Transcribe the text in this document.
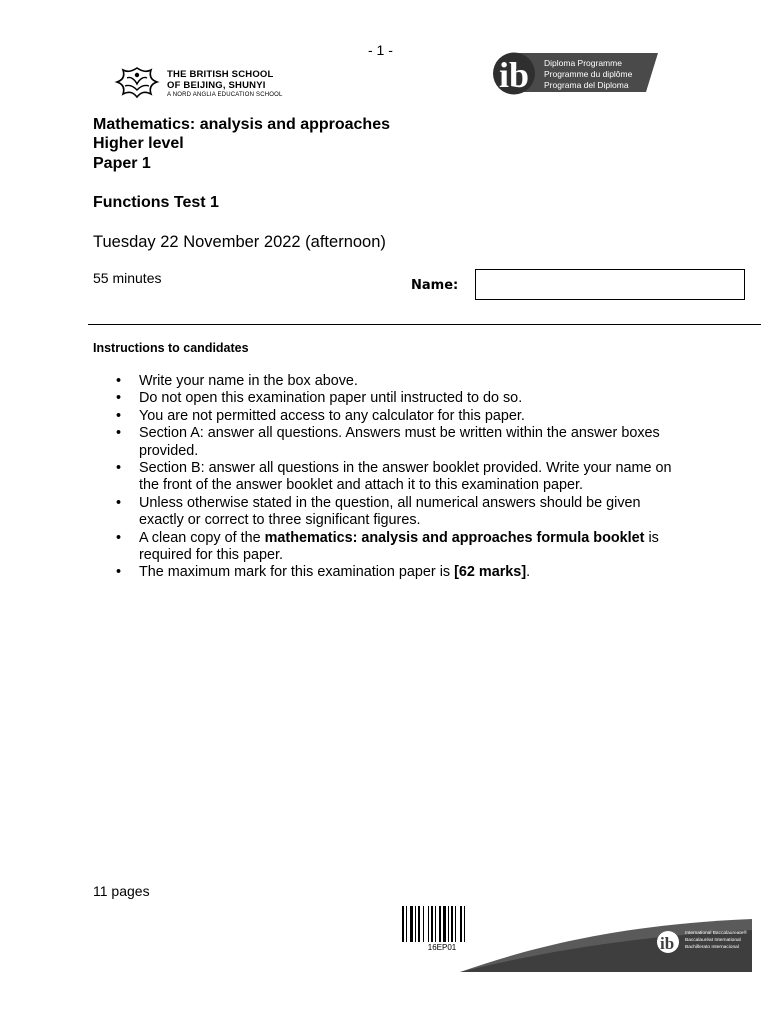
- 1 -
THE BRITISH SCHOOL
OF BEIJING, SHUNYI
A NORD ANGLIA EDUCATION SCHOOL	ib Diploma Programme
Programme du diplôme
Programa del Diploma
Mathematics: analysis and approaches
Higher level
Paper 1
Functions Test 1
Tuesday 22 November 2022 (afternoon)
55 minutes	Name:
Instructions to candidates
• Write your name in the box above.
• Do not open this examination paper until instructed to do so.
• You are not permitted access to any calculator for this paper.
• Section A: answer all questions. Answers must be written within the answer boxes provided.
• Section B: answer all questions in the answer booklet provided. Write your name on the front of the answer booklet and attach it to this examination paper.
• Unless otherwise stated in the question, all numerical answers should be given exactly or correct to three significant figures.
• A clean copy of the mathematics: analysis and approaches formula booklet is required for this paper.
• The maximum mark for this examination paper is [62 marks].
11 pages
ib
International Baccalaureate®
Baccalauréat International
Bachillerato Internacional
16EP01
